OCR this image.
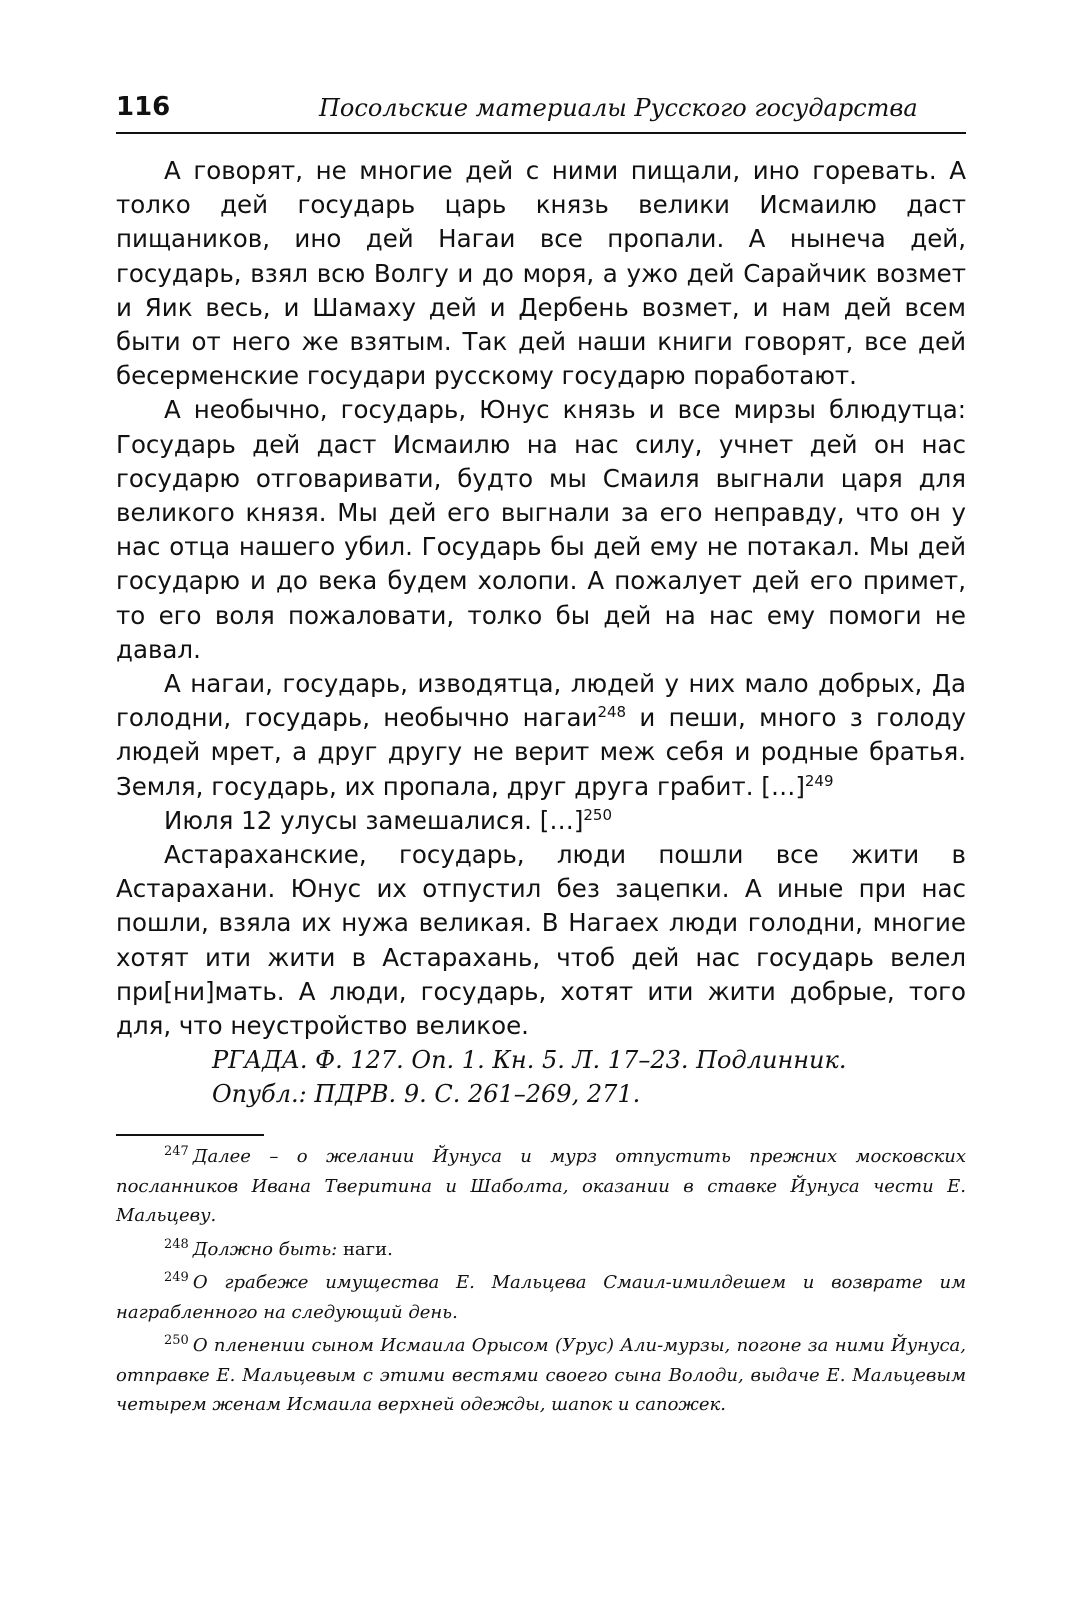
116	Посольские материалы Русского государства

А говорят, не многие дей с ними пищали, ино горевать. А толко дей государь царь князь велики Исмаилю даст пищаников, ино дей Нагаи все пропали. А нынеча дей, государь, взял всю Волгу и до моря, а ужо дей Сарайчик возмет и Яик весь, и Шамаху дей и Дербень возмет, и нам дей всем быти от него же взятым. Так дей наши книги говорят, все дей бесерменские государи русскому государю поработают.

А необычно, государь, Юнус князь и все мирзы блюдутца: Государь дей даст Исмаилю на нас силу, учнет дей он нас государю отговаривати, будто мы Смаиля выгнали царя для великого князя. Мы дей его выгнали за его неправду, что он у нас отца нашего убил. Государь бы дей ему не потакал. Мы дей государю и до века будем холопи. А пожалует дей его примет, то его воля пожаловати, толко бы дей на нас ему помоги не давал.

А нагаи, государь, изводятца, людей у них мало добрых, Да голодни, государь, необычно нагаи$^{248}$ и пеши, много з голоду людей мрет, а друг другу не верит меж себя и родные братья. Земля, государь, их пропала, друг друга грабит. […]$^{249}$

Июля 12 улусы замешалися. […]$^{250}$

Астараханские, государь, люди пошли все жити в Астарахани. Юнус их отпустил без зацепки. А иные при нас пошли, взяла их нужа великая. В Нагаех люди голодни, многие хотят ити жити в Астарахань, чтоб дей нас государь велел при[ни]мать. А люди, государь, хотят ити жити добрые, того для, что неустройство великое.

РГАДА. Ф. 127. Оп. 1. Кн. 5. Л. 17–23. Подлинник.

Опубл.: ПДРВ. 9. С. 261–269, 271.

$^{247}$ Далее – о желании Йунуса и мурз отпустить прежних московских посланников Ивана Тверитина и Шаболта, оказании в ставке Йунуса чести Е. Мальцеву.

$^{248}$ Должно быть: наги.

$^{249}$ О грабеже имущества Е. Мальцева Смаил-имилдешем и возврате им награбленного на следующий день.

$^{250}$ О пленении сыном Исмаила Орысом (Урус) Али-мурзы, погоне за ними Йунуса, отправке Е. Мальцевым с этими вестями своего сына Володи, выдаче Е. Мальцевым четырем женам Исмаила верхней одежды, шапок и сапожек.
